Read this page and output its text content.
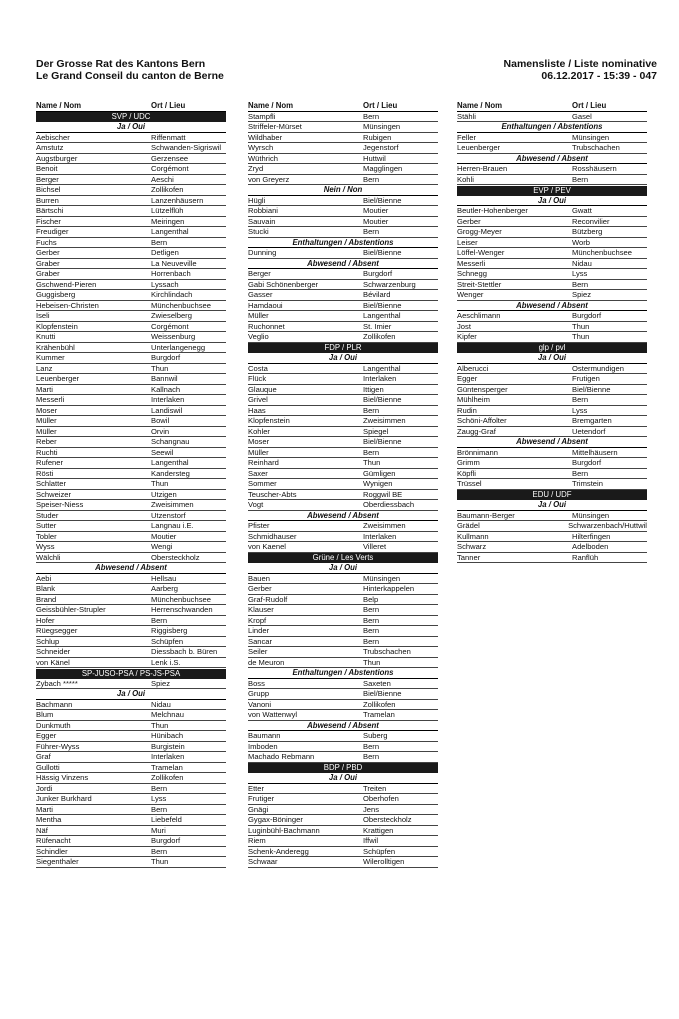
Der Grosse Rat des Kantons Bern
Le Grand Conseil du canton de Berne
Namensliste / Liste nominative
06.12.2017 - 15:39 - 047
Name / Nom	Ort / Lieu
SVP / UDC
Ja / Oui
Aebischer	Riffenmatt
Amstutz	Schwanden-Sigriswil
Augstburger	Gerzensee
Benoit	Corgémont
Berger	Aeschi
Bichsel	Zollikofen
Burren	Lanzenhäusern
Bärtschi	Lützelflüh
Fischer	Meiringen
Freudiger	Langenthal
Fuchs	Bern
Gerber	Detligen
Graber	La Neuveville
Graber	Horrenbach
Gschwend-Pieren	Lyssach
Guggisberg	Kirchlindach
Hebeisen-Christen	Münchenbuchsee
Iseli	Zwieselberg
Klopfenstein	Corgémont
Knutti	Weissenburg
Krähenbühl	Unterlangenegg
Kummer	Burgdorf
Lanz	Thun
Leuenberger	Bannwil
Marti	Kallnach
Messerli	Interlaken
Moser	Landiswil
Müller	Bowil
Müller	Orvin
Reber	Schangnau
Ruchti	Seewil
Rufener	Langenthal
Rösti	Kandersteg
Schlatter	Thun
Schweizer	Utzigen
Speiser-Niess	Zweisimmen
Studer	Utzenstorf
Sutter	Langnau i.E.
Tobler	Moutier
Wyss	Wengi
Wälchli	Obersteckholz
Abwesend / Absent
Aebi	Hellsau
Blank	Aarberg
Brand	Münchenbuchsee
Geissbühler-Strupler	Herrenschwanden
Hofer	Bern
Rüegsegger	Riggisberg
Schlup	Schüpfen
Schneider	Diessbach b. Büren
von Känel	Lenk i.S.
SP-JUSO-PSA / PS-JS-PSA
Zybach *****	Spiez
Ja / Oui
Bachmann	Nidau
Blum	Melchnau
Dunkmuth	Thun
Egger	Hünibach
Führer-Wyss	Burgistein
Graf	Interlaken
Gullotti	Tramelan
Hässig Vinzens	Zollikofen
Jordi	Bern
Junker Burkhard	Lyss
Marti	Bern
Mentha	Liebefeld
Näf	Muri
Rüfenacht	Burgdorf
Schindler	Bern
Siegenthaler	Thun
Name / Nom	Ort / Lieu
Stampfli	Bern
Striffeler-Mürset	Münsingen
Wildhaber	Rubigen
Wyrsch	Jegenstorf
Wüthrich	Huttwil
Zryd	Magglingen
von Greyerz	Bern
Nein / Non
Hügli	Biel/Bienne
Robbiani	Moutier
Sauvain	Moutier
Stucki	Bern
Enthaltungen / Abstentions
Dunning	Biel/Bienne
Abwesend / Absent
Berger	Burgdorf
Gabi Schönenberger	Schwarzenburg
Gasser	Bévilard
Hamdaoui	Biel/Bienne
Müller	Langenthal
Ruchonnet	St. Imier
Veglio	Zollikofen
FDP / PLR
Ja / Oui
Costa	Langenthal
Flück	Interlaken
Glauque	Ittigen
Grivel	Biel/Bienne
Haas	Bern
Klopfenstein	Zweisimmen
Kohler	Spiegel
Moser	Biel/Bienne
Müller	Bern
Reinhard	Thun
Saxer	Gümligen
Sommer	Wynigen
Teuscher-Abts	Roggwil BE
Vogt	Oberdiessbach
Abwesend / Absent
Pfister	Zweisimmen
Schmidhauser	Interlaken
von Kaenel	Villeret
Grüne / Les Verts
Ja / Oui
Bauen	Münsingen
Gerber	Hinterkappelen
Graf-Rudolf	Belp
Klauser	Bern
Kropf	Bern
Linder	Bern
Sancar	Bern
Seiler	Trubschachen
de Meuron	Thun
Enthaltungen / Abstentions
Boss	Saxeten
Grupp	Biel/Bienne
Vanoni	Zollikofen
von Wattenwyl	Tramelan
Abwesend / Absent
Baumann	Suberg
Imboden	Bern
Machado Rebmann	Bern
BDP / PBD
Ja / Oui
Etter	Treiten
Frutiger	Oberhofen
Gnägi	Jens
Gygax-Böninger	Obersteckholz
Luginbühl-Bachmann	Krattigen
Riem	Iffwil
Schenk-Anderegg	Schüpfen
Schwaar	Wilerolltigen
Name / Nom	Ort / Lieu
Stähli	Gasel
Enthaltungen / Abstentions
Feller	Münsingen
Leuenberger	Trubschachen
Abwesend / Absent
Herren-Brauen	Rosshäusern
Kohli	Bern
EVP / PEV
Ja / Oui
Beutler-Hohenberger	Gwatt
Gerber	Reconvilier
Grogg-Meyer	Bützberg
Leiser	Worb
Löffel-Wenger	Münchenbuchsee
Messerli	Nidau
Schnegg	Lyss
Streit-Stettler	Bern
Wenger	Spiez
Abwesend / Absent
Aeschlimann	Burgdorf
Jost	Thun
Kipfer	Thun
glp / pvl
Ja / Oui
Alberucci	Ostermundigen
Egger	Frutigen
Güntensperger	Biel/Bienne
Mühlheim	Bern
Rudin	Lyss
Schöni-Affolter	Bremgarten
Zaugg-Graf	Uetendorf
Abwesend / Absent
Brönnimann	Mittelhäusern
Grimm	Burgdorf
Köpfli	Bern
Trüssel	Trimstein
EDU / UDF
Ja / Oui
Baumann-Berger	Münsingen
Grädel	Schwarzenbach/Huttwil
Kullmann	Hilterfingen
Schwarz	Adelboden
Tanner	Ranflüh
